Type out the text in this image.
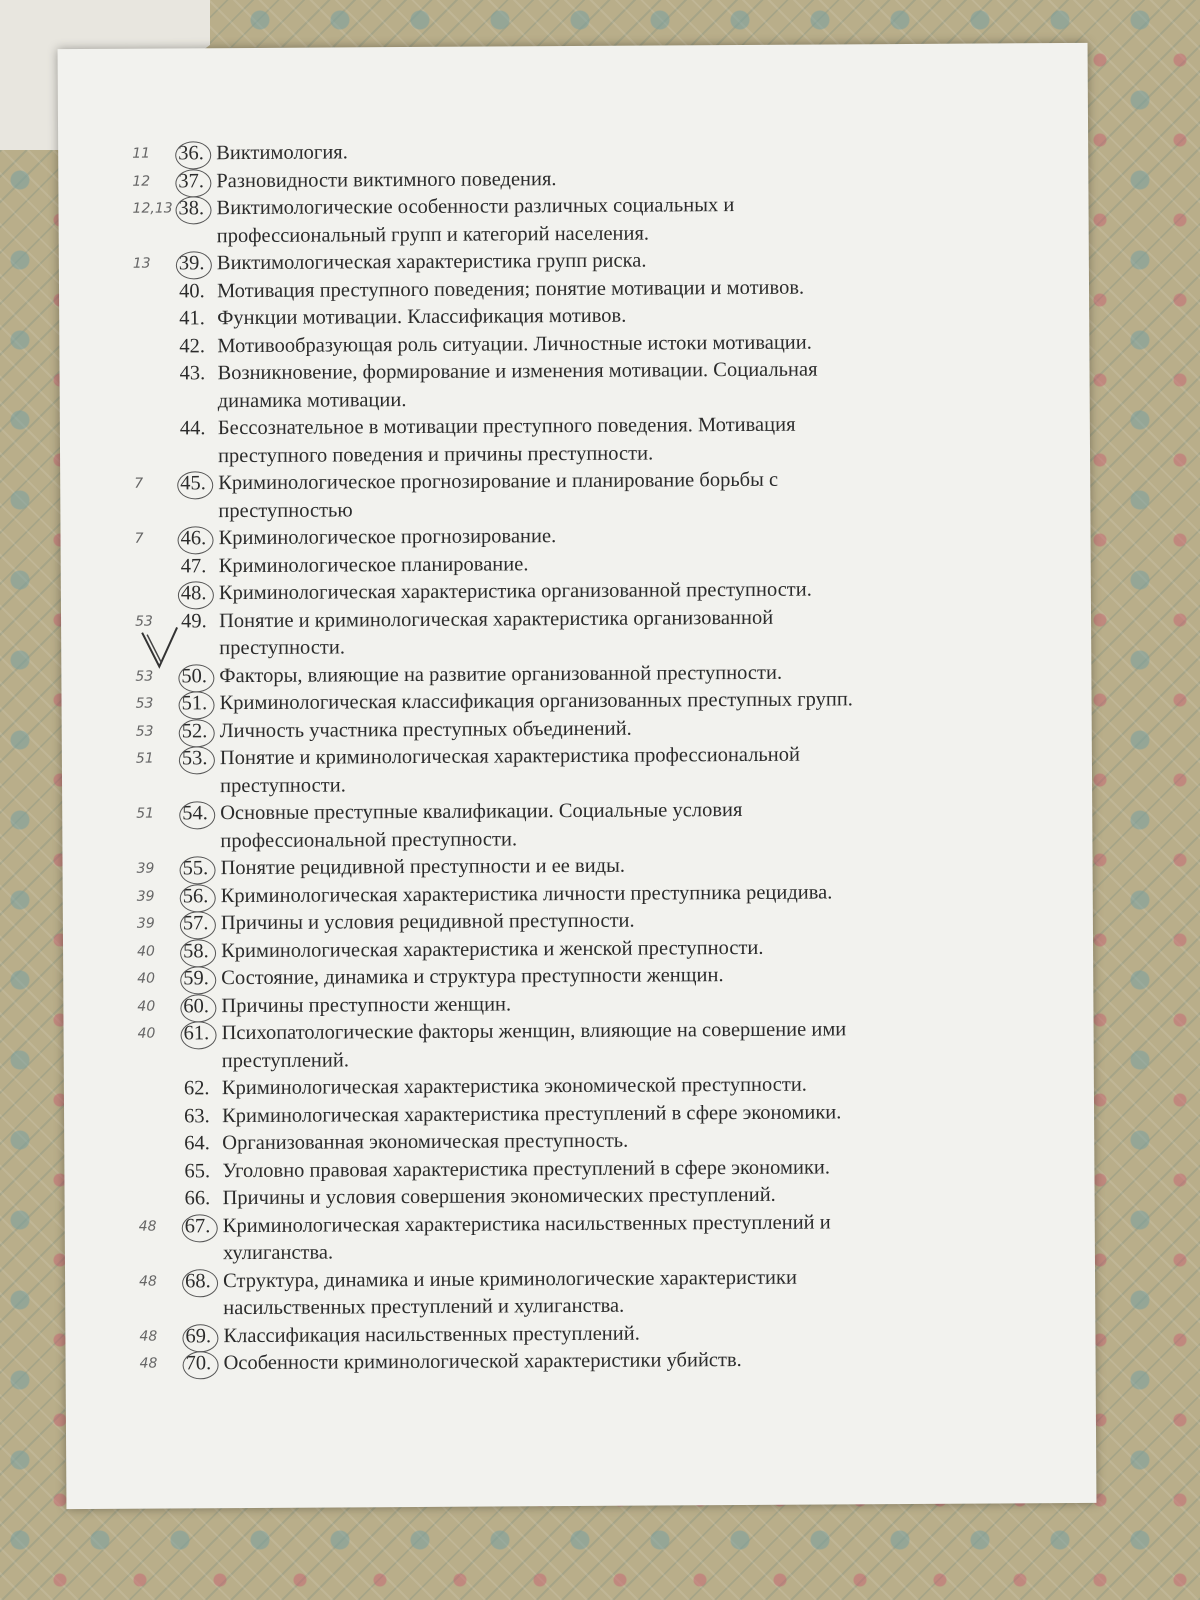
11	36. Виктимология.
12	37. Разновидности виктимного поведения.
12,13 38. Виктимологические особенности различных социальных и
профессиональный групп и категорий населения.
13	39. Виктимологическая характеристика групп риска.
40. Мотивация преступного поведения; понятие мотивации и мотивов.
41. Функции мотивации. Классификация мотивов.
42. Мотивообразующая роль ситуации. Личностные истоки мотивации.
43. Возникновение, формирование и изменения мотивации. Социальная
динамика мотивации.
44. Бессознательное в мотивации преступного поведения. Мотивация
преступного поведения и причины преступности.
7	45. Криминологическое прогнозирование и планирование борьбы с
преступностью
7	46. Криминологическое прогнозирование.
47. Криминологическое планирование.
48. Криминологическая характеристика организованной преступности.
53	49. Понятие и криминологическая характеристика организованной
преступности.
53	50. Факторы, влияющие на развитие организованной преступности.
53	51. Криминологическая классификация организованных преступных групп.
53	52. Личность участника преступных объединений.
51	53. Понятие и криминологическая характеристика профессиональной
преступности.
51	54. Основные преступные квалификации. Социальные условия
профессиональной преступности.
39	55. Понятие рецидивной преступности и ее виды.
39	56. Криминологическая характеристика личности преступника рецидива.
39	57. Причины и условия рецидивной преступности.
40	58. Криминологическая характеристика и женской преступности.
40	59. Состояние, динамика и структура преступности женщин.
40	60. Причины преступности женщин.
40	61. Психопатологические факторы женщин, влияющие на совершение ими
преступлений.
62. Криминологическая характеристика экономической преступности.
63. Криминологическая характеристика преступлений в сфере экономики.
64. Организованная экономическая преступность.
65. Уголовно правовая характеристика преступлений в сфере экономики.
66. Причины и условия совершения экономических преступлений.
48	67. Криминологическая характеристика насильственных преступлений и
хулиганства.
48	68. Структура, динамика и иные криминологические характеристики
насильственных преступлений и хулиганства.
48	69. Классификация насильственных преступлений.
48	70. Особенности криминологической характеристики убийств.
